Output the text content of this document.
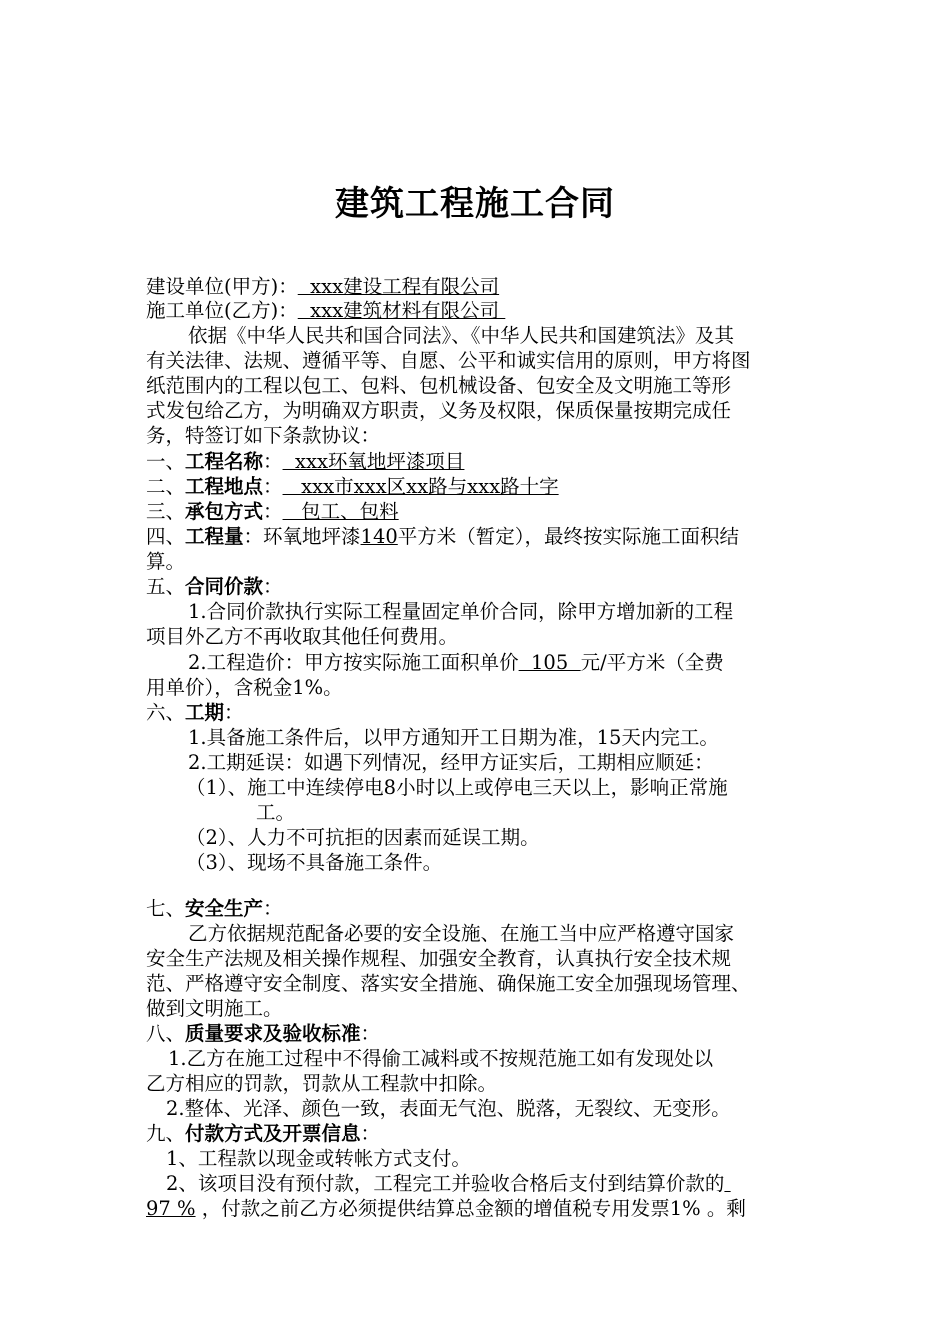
建筑工程施工合同
建设单位(甲方)：  xxx建设工程有限公司
施工单位(乙方)：  xxx建筑材料有限公司
依据《中华人民共和国合同法》、《中华人民共和国建筑法》及其
有关法律、法规、遵循平等、自愿、公平和诚实信用的原则，甲方将图
纸范围内的工程以包工、包料、包机械设备、包安全及文明施工等形
式发包给乙方，为明确双方职责，义务及权限，保质保量按期完成任
务，特签订如下条款协议：
一、工程名称：  xxx环氧地坪漆项目
二、工程地点：   xxx市xxx区xx路与xxx路十字
三、承包方式：   包工、包料
四、工程量：环氧地坪漆140平方米（暂定），最终按实际施工面积结
算。
五、合同价款：
1.合同价款执行实际工程量固定单价合同，除甲方增加新的工程
项目外乙方不再收取其他任何费用。
2.工程造价：甲方按实际施工面积单价  105  元/平方米（全费
用单价），含税金1%。
六、工期：
1.具备施工条件后，以甲方通知开工日期为准，15天内完工。
2.工期延误：如遇下列情况，经甲方证实后，工期相应顺延：
（1）、施工中连续停电8小时以上或停电三天以上，影响正常施
工。
（2）、人力不可抗拒的因素而延误工期。
（3）、现场不具备施工条件。
七、安全生产：
乙方依据规范配备必要的安全设施、在施工当中应严格遵守国家
安全生产法规及相关操作规程、加强安全教育，认真执行安全技术规
范、严格遵守安全制度、落实安全措施、确保施工安全加强现场管理、
做到文明施工。
八、质量要求及验收标准：
1.乙方在施工过程中不得偷工减料或不按规范施工如有发现处以
乙方相应的罚款，罚款从工程款中扣除。
2.整体、光泽、颜色一致，表面无气泡、脱落，无裂纹、无变形。
九、付款方式及开票信息：
1、工程款以现金或转帐方式支付。
2、该项目没有预付款，工程完工并验收合格后支付到结算价款的
97 % ，付款之前乙方必须提供结算总金额的增值税专用发票1% 。剩
